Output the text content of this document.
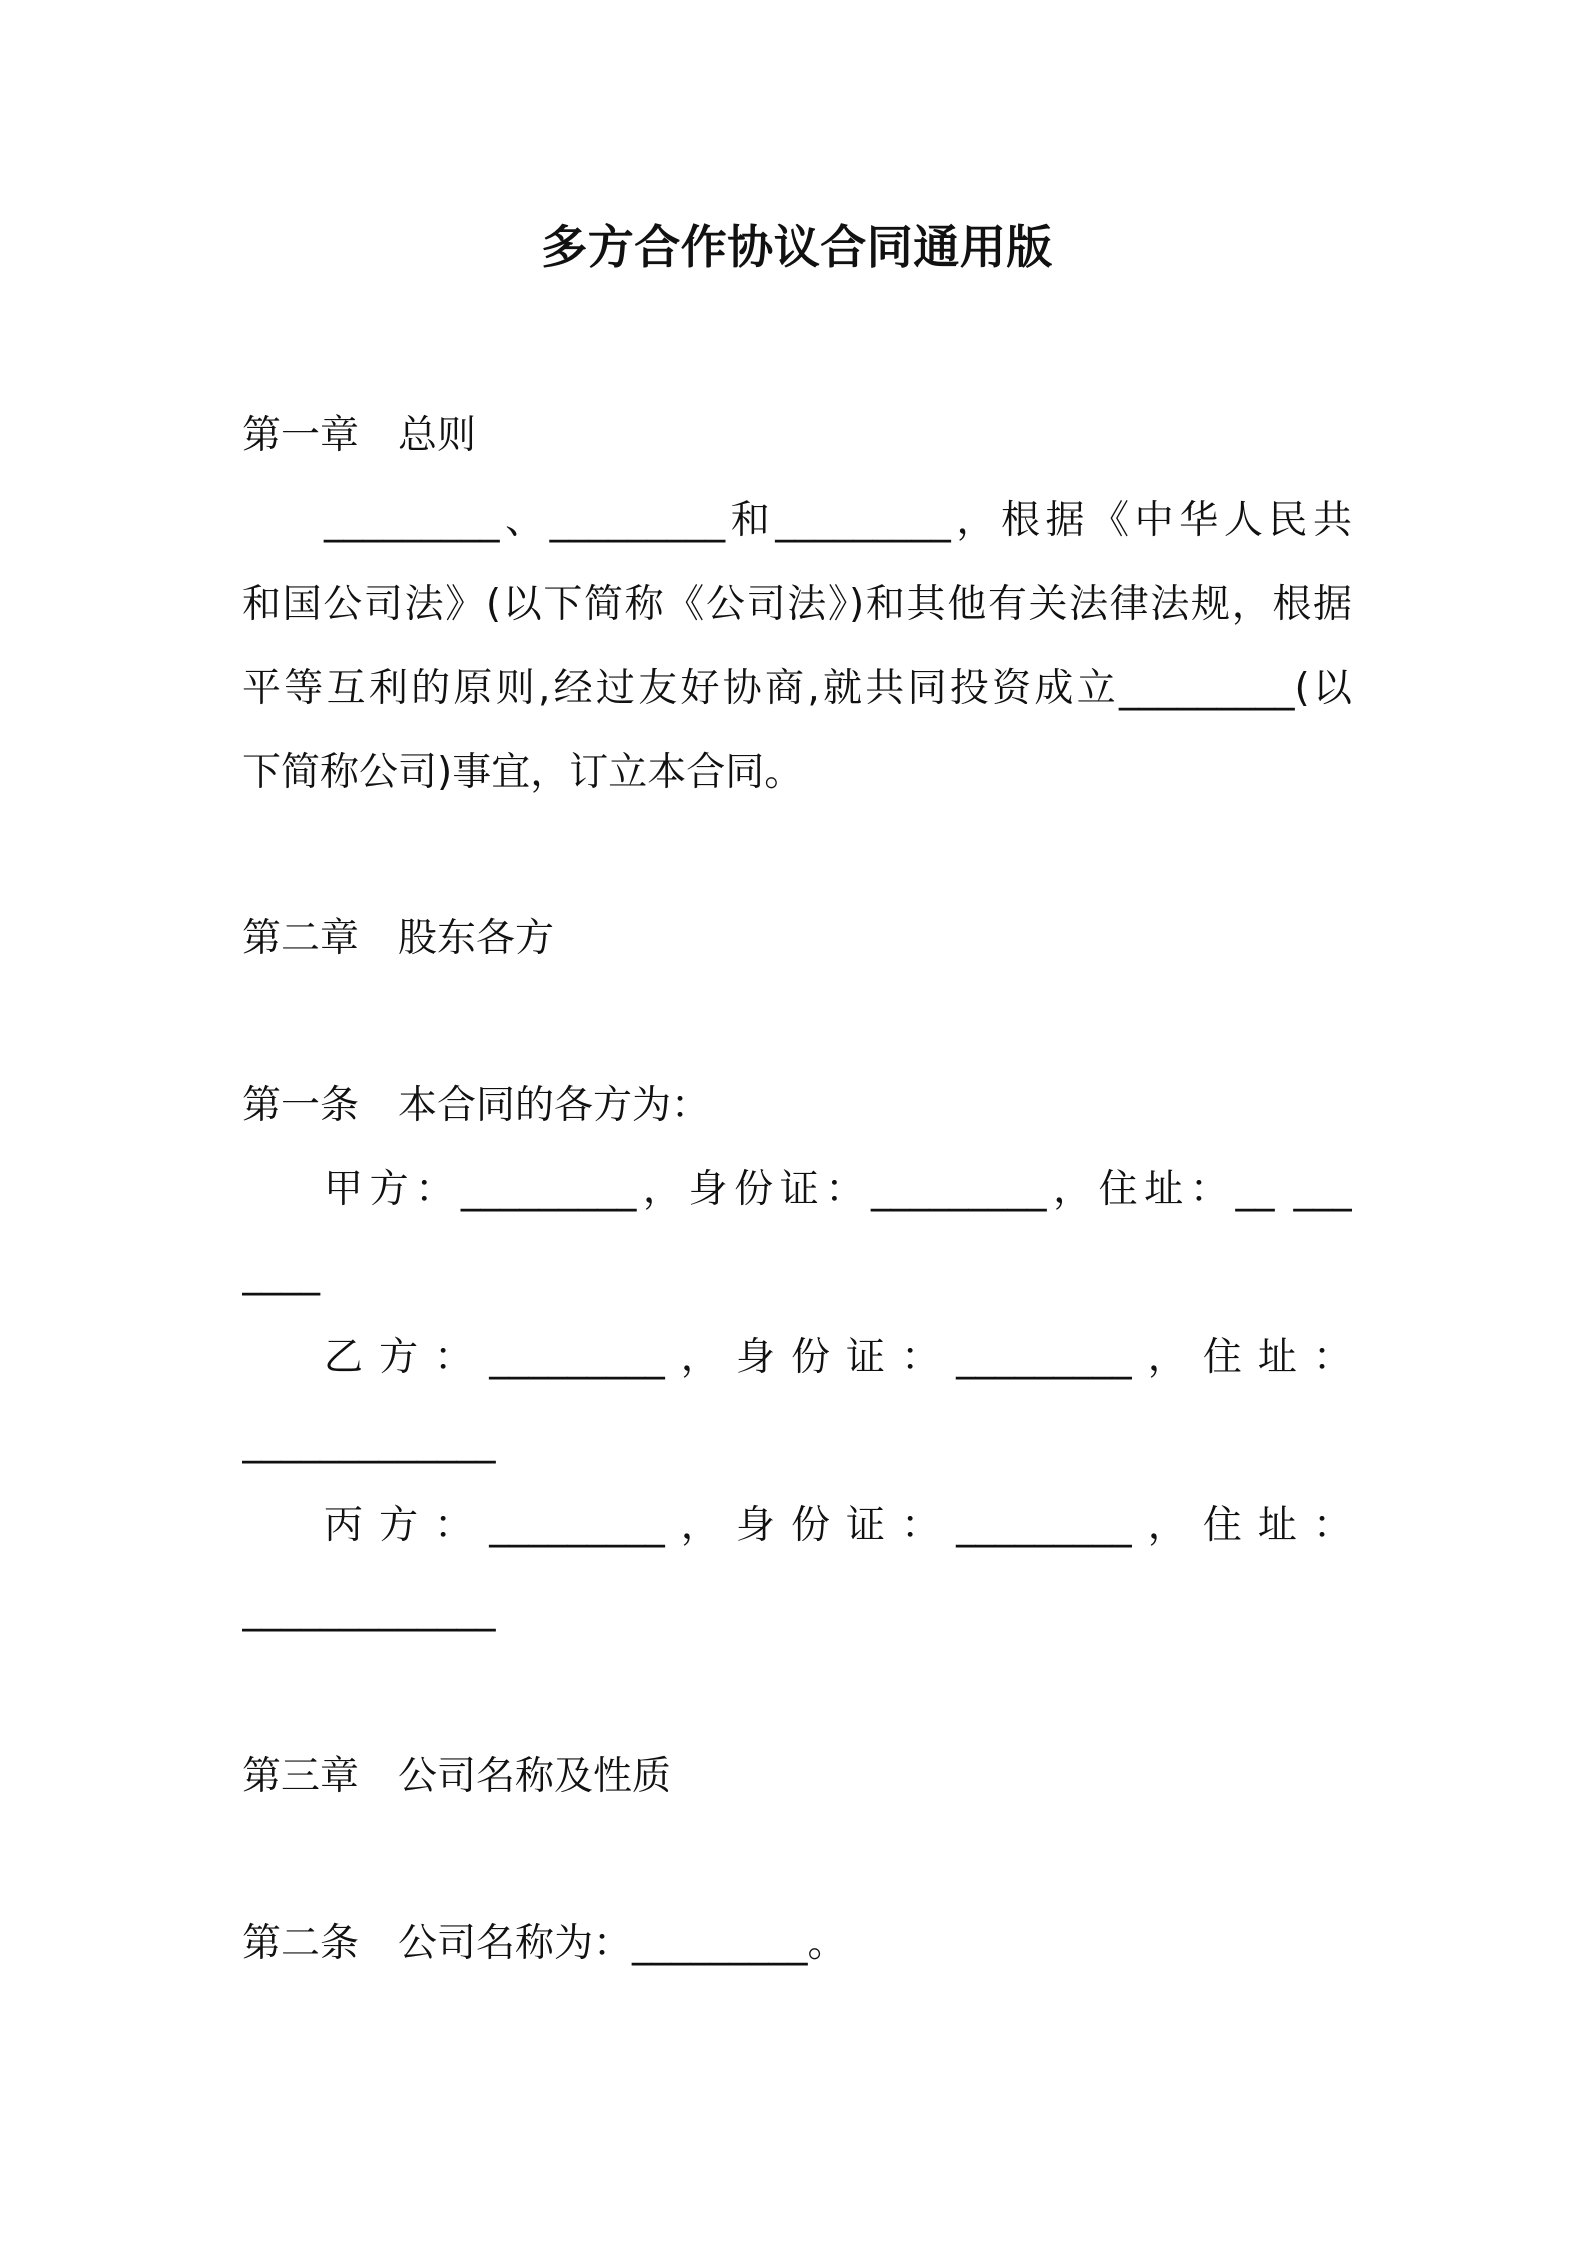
多方合作协议合同通用版
第一章　总则
_________、_________和_________，根据《中华人民共
和国公司法》(以下简称《公司法》)和其他有关法律法规，根据
平等互利的原则,经过友好协商,就共同投资成立_________(以
下简称公司)事宜，订立本合同。
第二章　股东各方
第一条　本合同的各方为：
甲方：_________，身份证：_________，住址：__ ___
____
乙方：_________，身份证：_________，住址：
_____________
丙方：_________，身份证：_________，住址：
_____________
第三章　公司名称及性质
第二条　公司名称为：_________。
